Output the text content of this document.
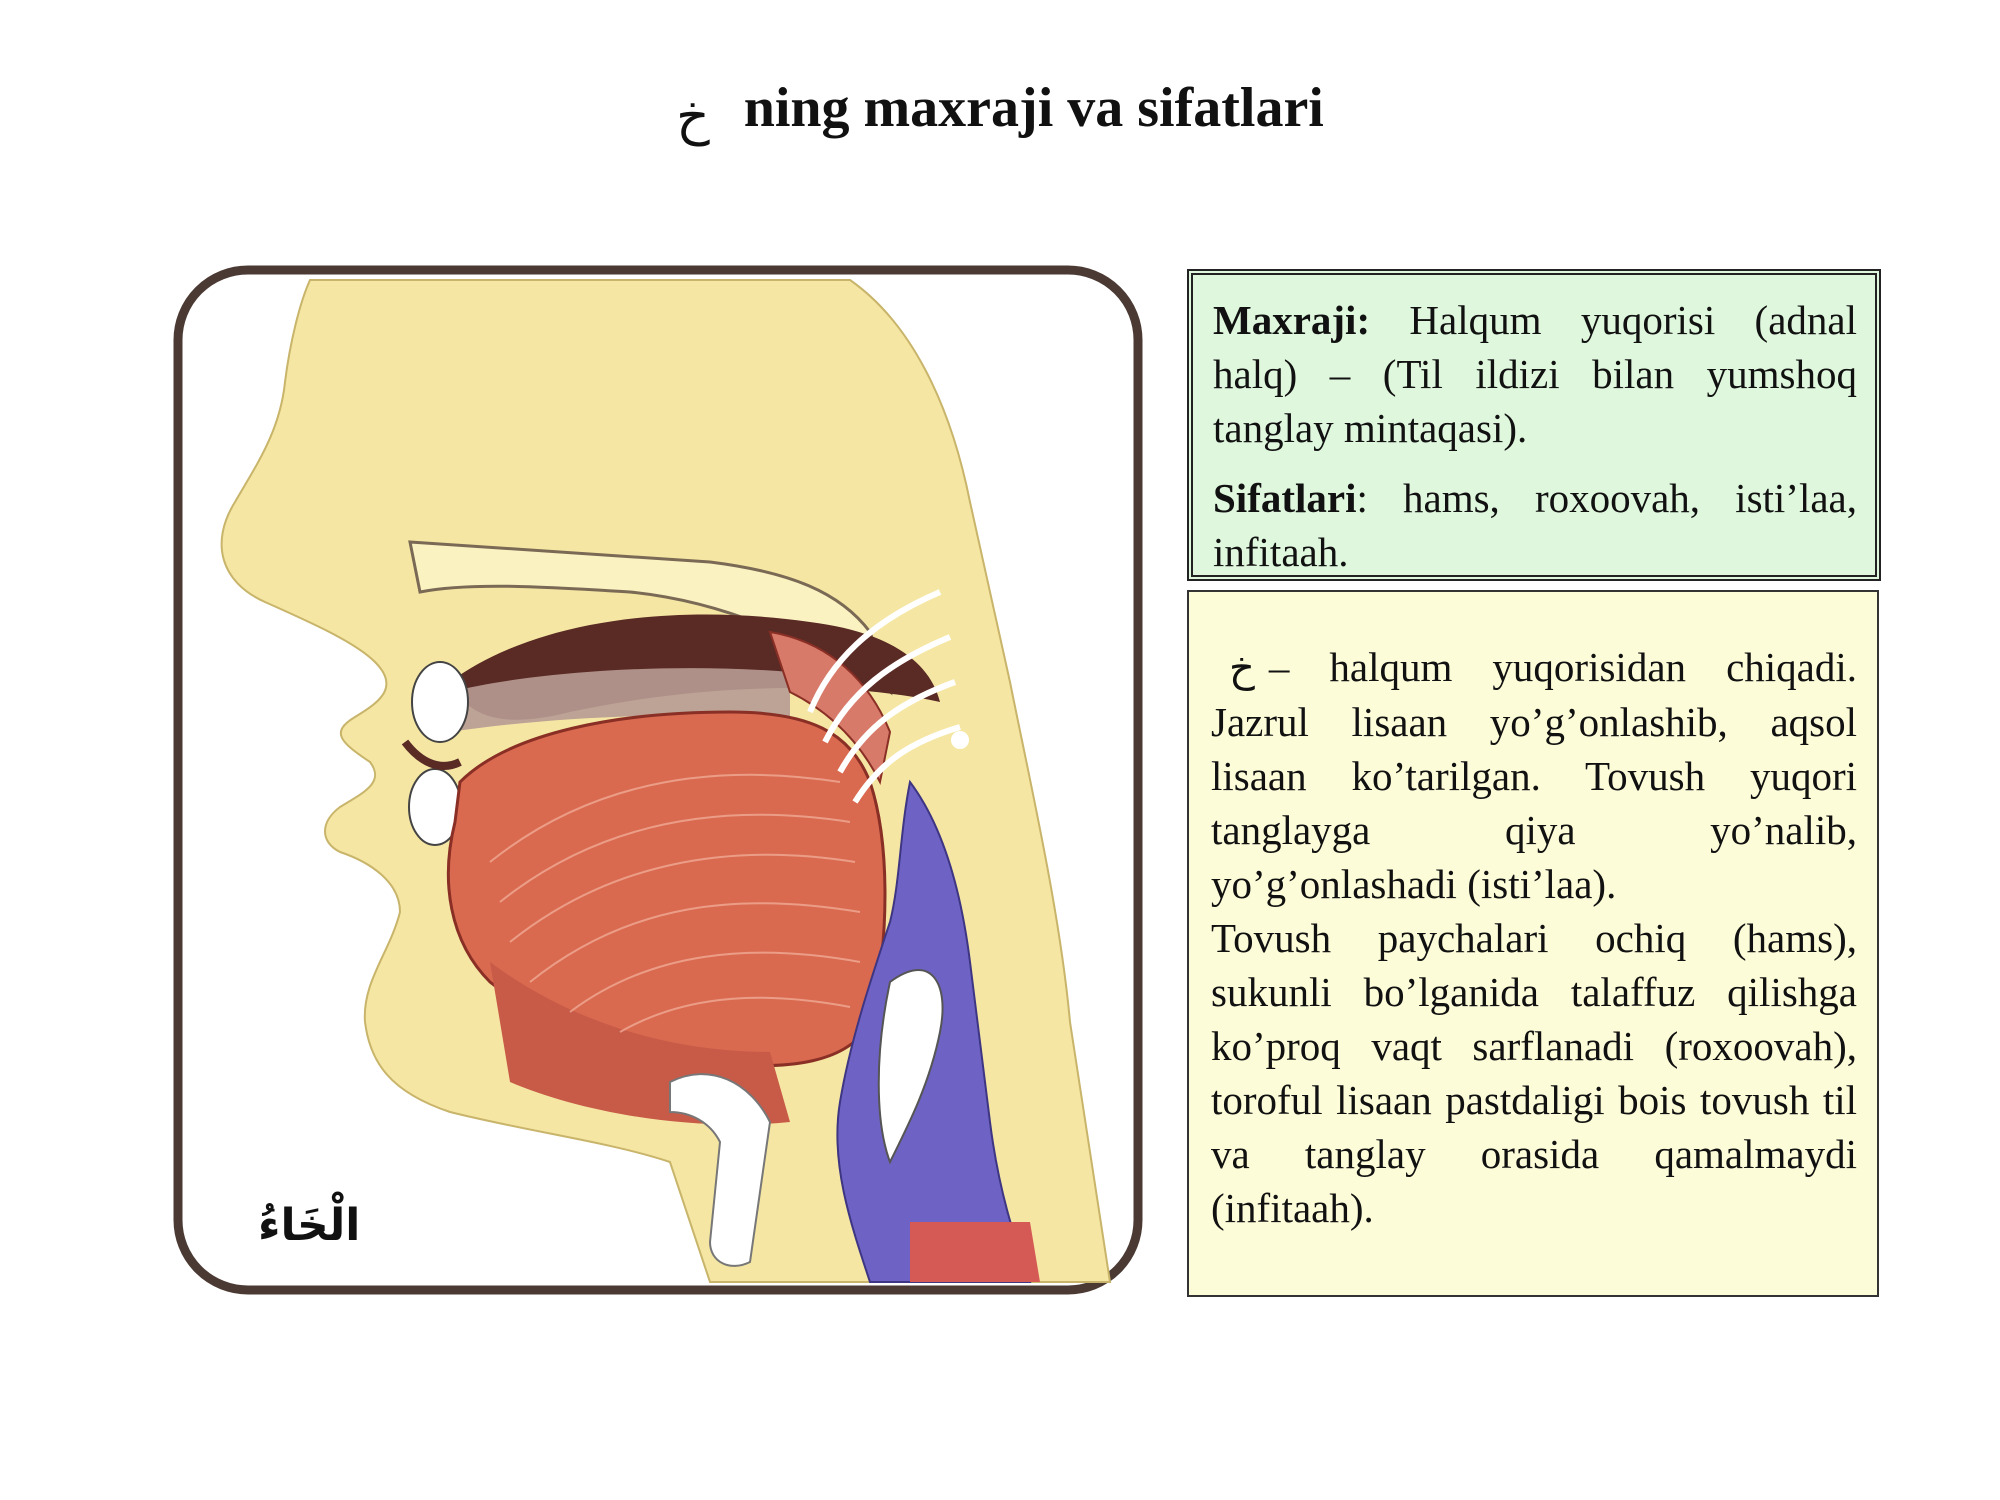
خ ning maxraji va sifatlari
الْخَاءُ

Maxraji: Halqum yuqorisi (adnal halq) – (Til ildizi bilan yumshoq tanglay mintaqasi).

Sifatlari: hams, roxoovah, isti’laa, infitaah.

خ – halqum yuqorisidan chiqadi. Jazrul lisaan yo’g’onlashib, aqsol lisaan ko’tarilgan. Tovush yuqori tanglayga qiya yo’nalib, yo’g’onlashadi (isti’laa).

Tovush paychalari ochiq (hams), sukunli bo’lganida talaffuz qilishga ko’proq vaqt sarflanadi (roxoovah), toroful lisaan pastdaligi bois tovush til va tanglay orasida qamalmaydi (infitaah).
